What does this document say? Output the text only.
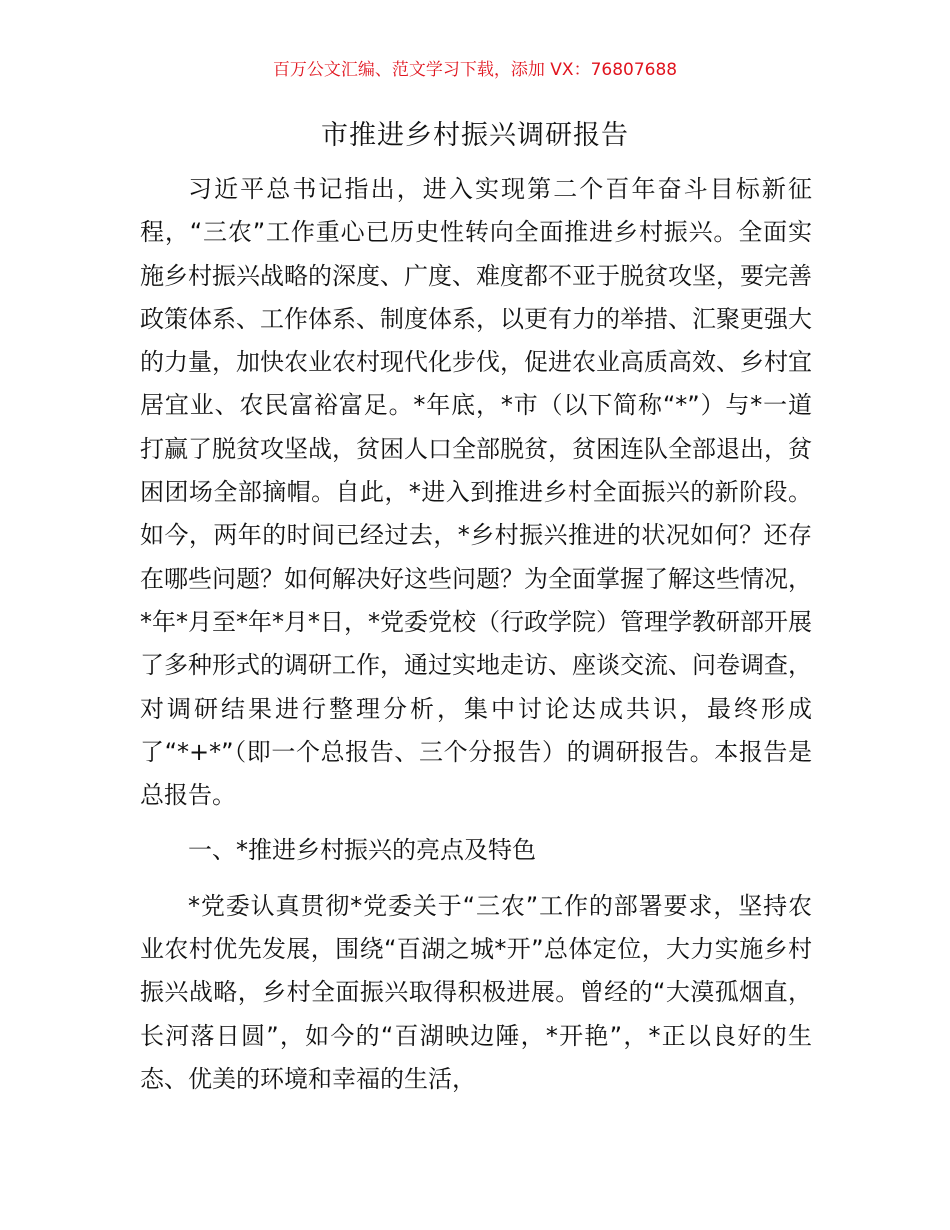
百万公文汇编、范文学习下载，添加 VX：76807688
市推进乡村振兴调研报告

习近平总书记指出，进入实现第二个百年奋斗目标新征程，“三农”工作重心已历史性转向全面推进乡村振兴。全面实施乡村振兴战略的深度、广度、难度都不亚于脱贫攻坚，要完善政策体系、工作体系、制度体系，以更有力的举措、汇聚更强大的力量，加快农业农村现代化步伐，促进农业高质高效、乡村宜居宜业、农民富裕富足。*年底，*市（以下简称“*”）与*一道打赢了脱贫攻坚战，贫困人口全部脱贫，贫困连队全部退出，贫困团场全部摘帽。自此，*进入到推进乡村全面振兴的新阶段。如今，两年的时间已经过去，*乡村振兴推进的状况如何？还存在哪些问题？如何解决好这些问题？为全面掌握了解这些情况，*年*月至*年*月*日，*党委党校（行政学院）管理学教研部开展了多种形式的调研工作，通过实地走访、座谈交流、问卷调查，对调研结果进行整理分析，集中讨论达成共识，最终形成了“*+*”（即一个总报告、三个分报告）的调研报告。本报告是总报告。

一、*推进乡村振兴的亮点及特色

*党委认真贯彻*党委关于“三农”工作的部署要求，坚持农业农村优先发展，围绕“百湖之城*开”总体定位，大力实施乡村振兴战略，乡村全面振兴取得积极进展。曾经的“大漠孤烟直，长河落日圆”，如今的“百湖映边陲，*开艳”，*正以良好的生态、优美的环境和幸福的生活，
